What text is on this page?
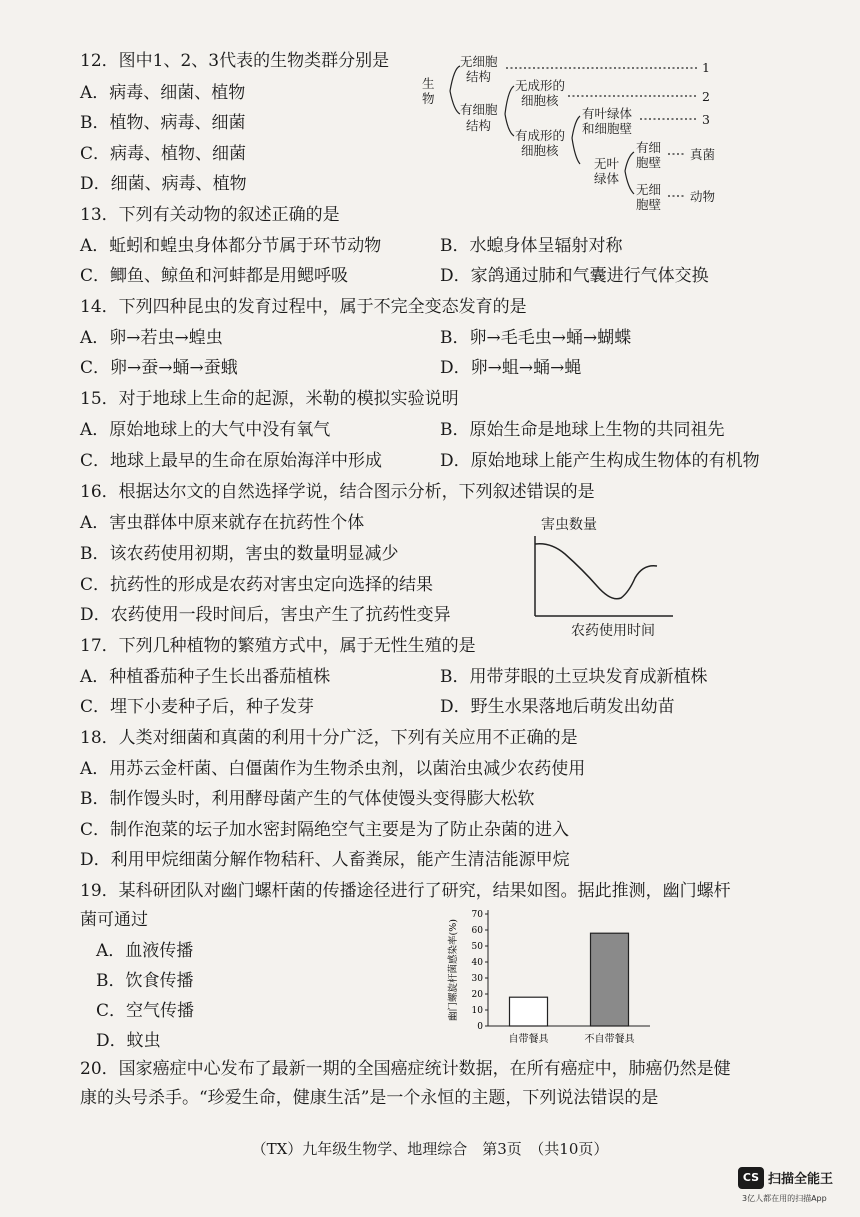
12．图中1、2、3代表的生物类群分别是
A．病毒、细菌、植物
B．植物、病毒、细菌
C．病毒、植物、细菌
D．细菌、病毒、植物
生物
无细胞
结构
有细胞
结构
无成形的
细胞核
有成形的
细胞核
有叶绿体
和细胞壁
无叶
绿体
有细
胞壁
无细
胞壁
真菌
动物
1
2
3
13．下列有关动物的叙述正确的是
A．蚯蚓和蝗虫身体都分节属于环节动物	B．水螅身体呈辐射对称
C．鲫鱼、鲸鱼和河蚌都是用鳃呼吸	D．家鸽通过肺和气囊进行气体交换
14．下列四种昆虫的发育过程中，属于不完全变态发育的是
A．卵→若虫→蝗虫	B．卵→毛毛虫→蛹→蝴蝶
C．卵→蚕→蛹→蚕蛾	D．卵→蛆→蛹→蝇
15．对于地球上生命的起源，米勒的模拟实验说明
A．原始地球上的大气中没有氧气	B．原始生命是地球上生物的共同祖先
C．地球上最早的生命在原始海洋中形成	D．原始地球上能产生构成生物体的有机物
16．根据达尔文的自然选择学说，结合图示分析，下列叙述错误的是
A．害虫群体中原来就存在抗药性个体
B．该农药使用初期，害虫的数量明显减少
C．抗药性的形成是农药对害虫定向选择的结果
D．农药使用一段时间后，害虫产生了抗药性变异
害虫数量
农药使用时间
17．下列几种植物的繁殖方式中，属于无性生殖的是
A．种植番茄种子生长出番茄植株	B．用带芽眼的土豆块发育成新植株
C．埋下小麦种子后，种子发芽	D．野生水果落地后萌发出幼苗
18．人类对细菌和真菌的利用十分广泛，下列有关应用不正确的是
A．用苏云金杆菌、白僵菌作为生物杀虫剂，以菌治虫减少农药使用
B．制作馒头时，利用酵母菌产生的气体使馒头变得膨大松软
C．制作泡菜的坛子加水密封隔绝空气主要是为了防止杂菌的进入
D．利用甲烷细菌分解作物秸秆、人畜粪尿，能产生清洁能源甲烷
19．某科研团队对幽门螺杆菌的传播途径进行了研究，结果如图。据此推测，幽门螺杆
菌可通过
A．血液传播
B．饮食传播
C．空气传播
D．蚊虫
0
10
20
30
40
50
60
70
自带餐具	不自带餐具
幽门螺旋杆菌感染率(%)
20．国家癌症中心发布了最新一期的全国癌症统计数据，在所有癌症中，肺癌仍然是健
康的头号杀手。“珍爱生命，健康生活”是一个永恒的主题，下列说法错误的是
（TX）九年级生物学、地理综合　第3页　（共10页）
CS 扫描全能王
3亿人都在用的扫描App
